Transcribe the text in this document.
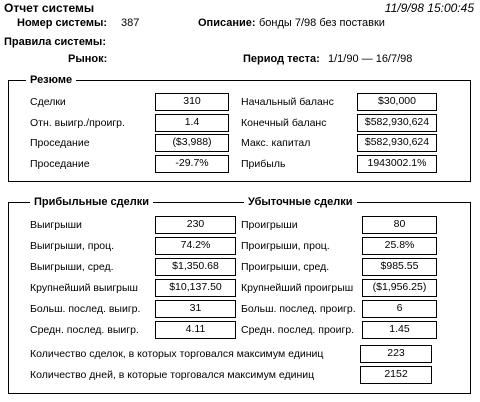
Отчет системы	11/9/98 15:00:45
Номер системы: 387	Описание: бонды 7/98 без поставки
Правила системы:
Рынок:	Период теста: 1/1/90 — 16/7/98
Резюме
Сделки	310	Начальный баланс	$30,000
Отн. выигр./проигр.	1.4	Конечный баланс	$582,930,624
Проседание	($3,988)	Макс. капитал	$582,930,624
Проседание	-29.7%	Прибыль	1943002.1%
Прибыльные сделки	Убыточные сделки
Выигрыши	230	Проигрыши	80
Выигрыши, проц.	74.2%	Проигрыши, проц.	25.8%
Выигрыши, сред.	$1,350.68	Проигрыши, сред.	$985.55
Крупнейший выигрыш	$10,137.50	Крупнейший проигрыш	($1,956.25)
Больш. послед. выигр.	31	Больш. послед. проигр.	6
Средн. послед. выигр.	4.11	Средн. послед. проигр.	1.45
Количество сделок, в которых торговался максимум единиц	223
Количество дней, в которые торговался максимум единиц	2152
